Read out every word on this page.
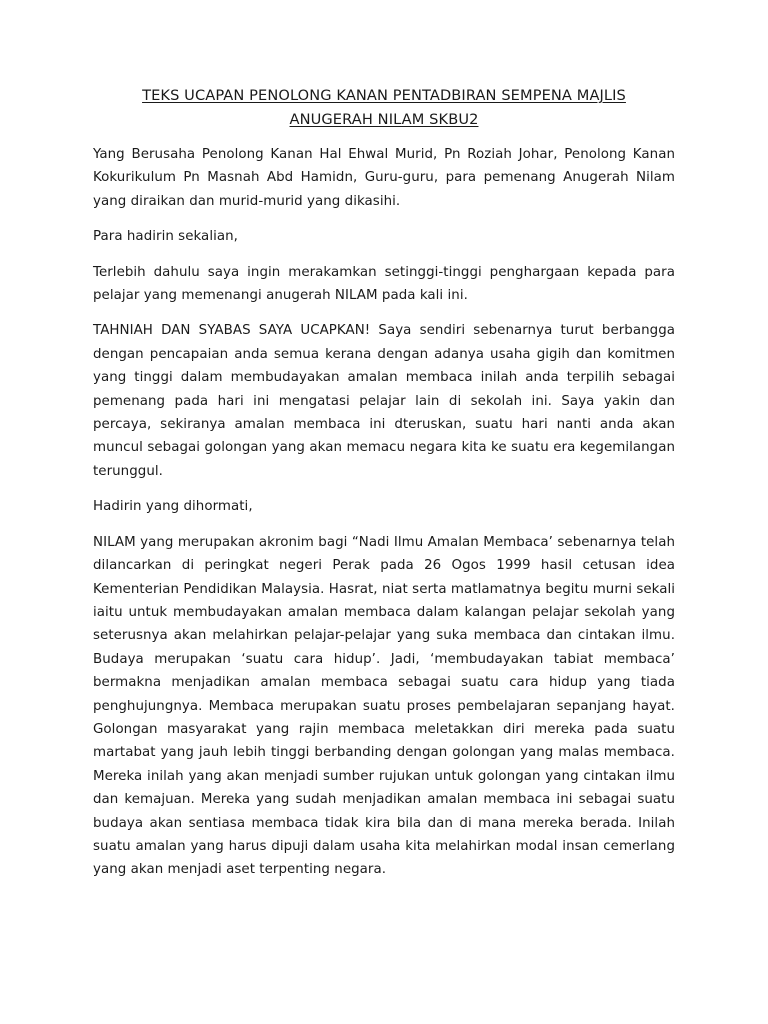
TEKS UCAPAN PENOLONG KANAN PENTADBIRAN SEMPENA MAJLIS
ANUGERAH NILAM SKBU2

Yang Berusaha Penolong Kanan Hal Ehwal Murid, Pn Roziah Johar, Penolong Kanan Kokurikulum Pn Masnah Abd Hamidn, Guru-guru, para pemenang Anugerah Nilam yang diraikan dan murid-murid yang dikasihi.

Para hadirin sekalian,

Terlebih dahulu saya ingin merakamkan setinggi-tinggi penghargaan kepada para pelajar yang memenangi anugerah NILAM pada kali ini.

TAHNIAH DAN SYABAS SAYA UCAPKAN! Saya sendiri sebenarnya turut berbangga dengan pencapaian anda semua kerana dengan adanya usaha gigih dan komitmen yang tinggi dalam membudayakan amalan membaca inilah anda terpilih sebagai pemenang pada hari ini mengatasi pelajar lain di sekolah ini. Saya yakin dan percaya, sekiranya amalan membaca ini dteruskan, suatu hari nanti anda akan muncul sebagai golongan yang akan memacu negara kita ke suatu era kegemilangan terunggul.

Hadirin yang dihormati,

NILAM yang merupakan akronim bagi “Nadi Ilmu Amalan Membaca’ sebenarnya telah dilancarkan di peringkat negeri Perak pada 26 Ogos 1999 hasil cetusan idea Kementerian Pendidikan Malaysia. Hasrat, niat serta matlamatnya begitu murni sekali iaitu untuk membudayakan amalan membaca dalam kalangan pelajar sekolah yang seterusnya akan melahirkan pelajar-pelajar yang suka membaca dan cintakan ilmu. Budaya merupakan ‘suatu cara hidup’. Jadi, ‘membudayakan tabiat membaca’ bermakna menjadikan amalan membaca sebagai suatu cara hidup yang tiada penghujungnya. Membaca merupakan suatu proses pembelajaran sepanjang hayat. Golongan masyarakat yang rajin membaca meletakkan diri mereka pada suatu martabat yang jauh lebih tinggi berbanding dengan golongan yang malas membaca. Mereka inilah yang akan menjadi sumber rujukan untuk golongan yang cintakan ilmu dan kemajuan. Mereka yang sudah menjadikan amalan membaca ini sebagai suatu budaya akan sentiasa membaca tidak kira bila dan di mana mereka berada. Inilah suatu amalan yang harus dipuji dalam usaha kita melahirkan modal insan cemerlang yang akan menjadi aset terpenting negara.
